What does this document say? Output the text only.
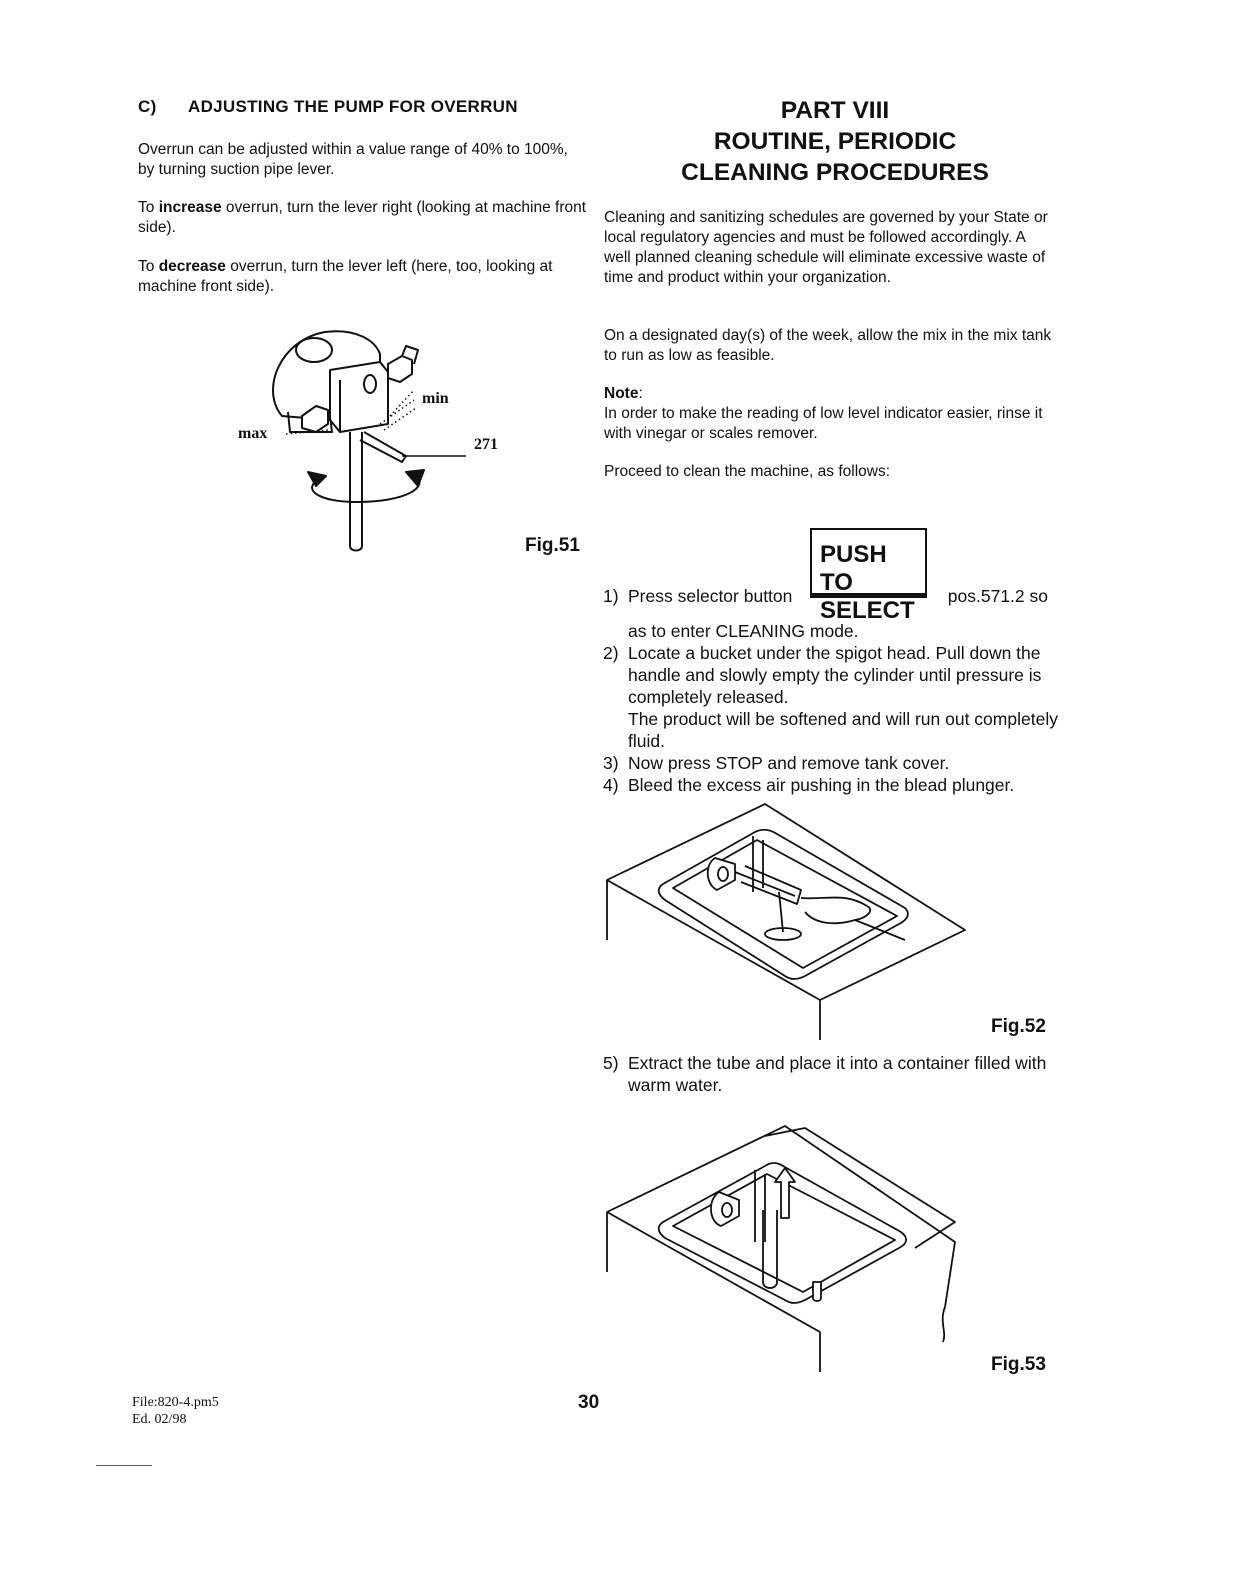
C) ADJUSTING THE PUMP FOR OVERRUN

Overrun can be adjusted within a value range of 40% to 100%, by turning suction pipe lever.

To increase overrun, turn the lever right (looking at machine front side).

To decrease overrun, turn the lever left (here, too, looking at machine front side).

min
max
271
Fig.51
PART VIII
ROUTINE, PERIODIC
CLEANING PROCEDURES

Cleaning and sanitizing schedules are governed by your State or local regulatory agencies and must be followed accordingly. A well planned cleaning schedule will eliminate excessive waste of time and product within your organization.

On a designated day(s) of the week, allow the mix in the mix tank to run as low as feasible.

Note:

In order to make the reading of low level indicator easier, rinse it with vinegar or scales remover.

Proceed to clean the machine, as follows:

PUSH TO
SELECT
1) Press selector button	pos.571.2 so
as to enter CLEANING mode.
2) Locate a bucket under the spigot head. Pull down the handle and slowly empty the cylinder until pressure is completely released.
The product will be softened and will run out completely fluid.
3) Now press STOP and remove tank cover.
4) Bleed the excess air pushing in the blead plunger.
Fig.52
5) Extract the tube and place it into a container filled with warm water.
Fig.53
File:820-4.pm5
Ed. 02/98
30
